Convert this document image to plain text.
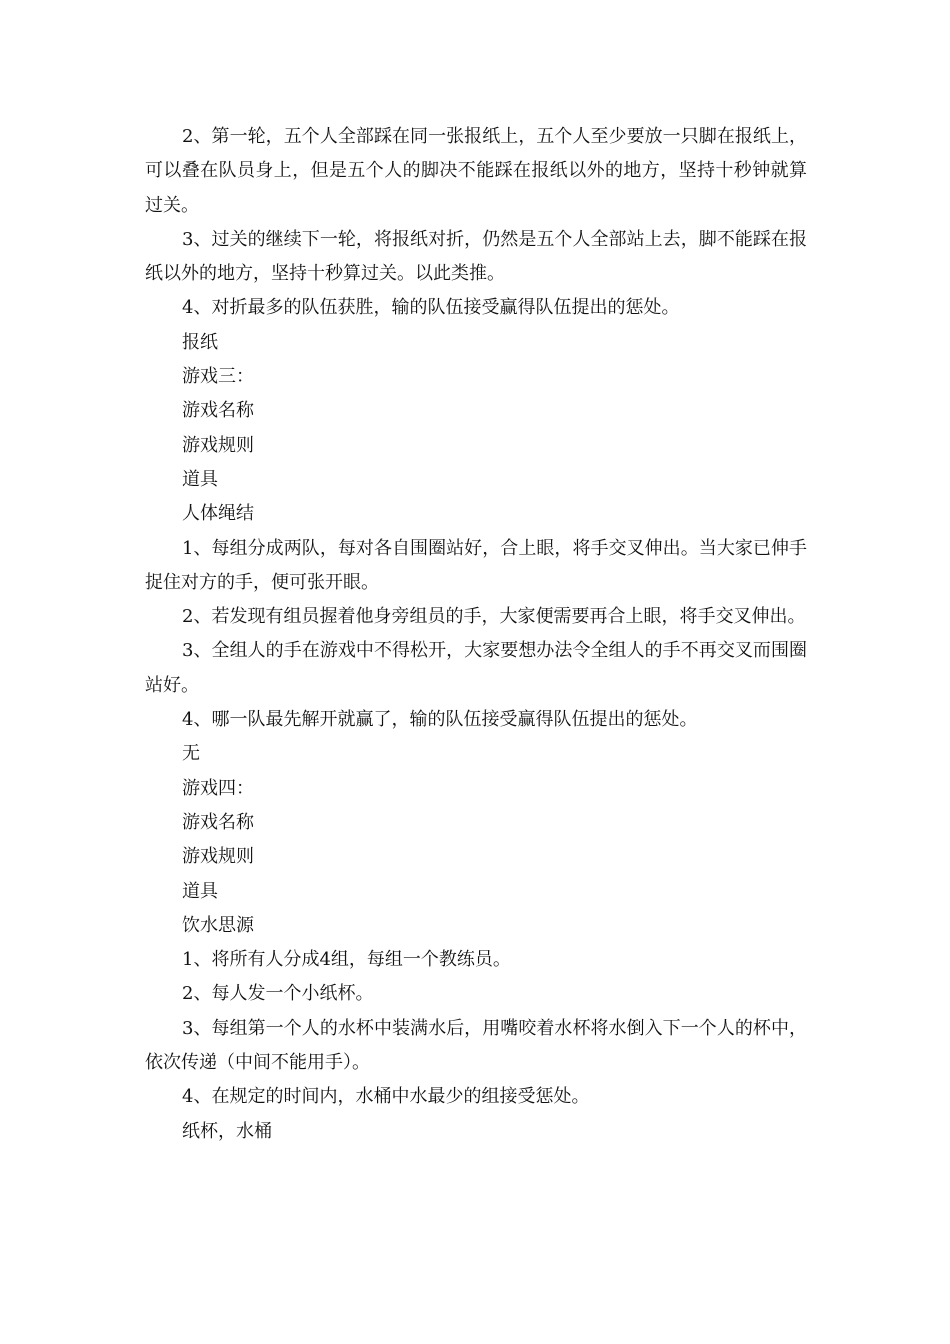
2、第一轮，五个人全部踩在同一张报纸上，五个人至少要放一只脚在报纸上，可以叠在队员身上，但是五个人的脚决不能踩在报纸以外的地方，坚持十秒钟就算过关。

3、过关的继续下一轮，将报纸对折，仍然是五个人全部站上去，脚不能踩在报纸以外的地方，坚持十秒算过关。以此类推。

4、对折最多的队伍获胜，输的队伍接受赢得队伍提出的惩处。

报纸

游戏三：

游戏名称

游戏规则

道具

人体绳结

1、每组分成两队，每对各自围圈站好，合上眼，将手交叉伸出。当大家已伸手捉住对方的手，便可张开眼。

2、若发现有组员握着他身旁组员的手，大家便需要再合上眼，将手交叉伸出。

3、全组人的手在游戏中不得松开，大家要想办法令全组人的手不再交叉而围圈站好。

4、哪一队最先解开就赢了，输的队伍接受赢得队伍提出的惩处。

无

游戏四：

游戏名称

游戏规则

道具

饮水思源

1、将所有人分成4组，每组一个教练员。

2、每人发一个小纸杯。

3、每组第一个人的水杯中装满水后，用嘴咬着水杯将水倒入下一个人的杯中，依次传递（中间不能用手）。

4、在规定的时间内，水桶中水最少的组接受惩处。

纸杯，水桶
